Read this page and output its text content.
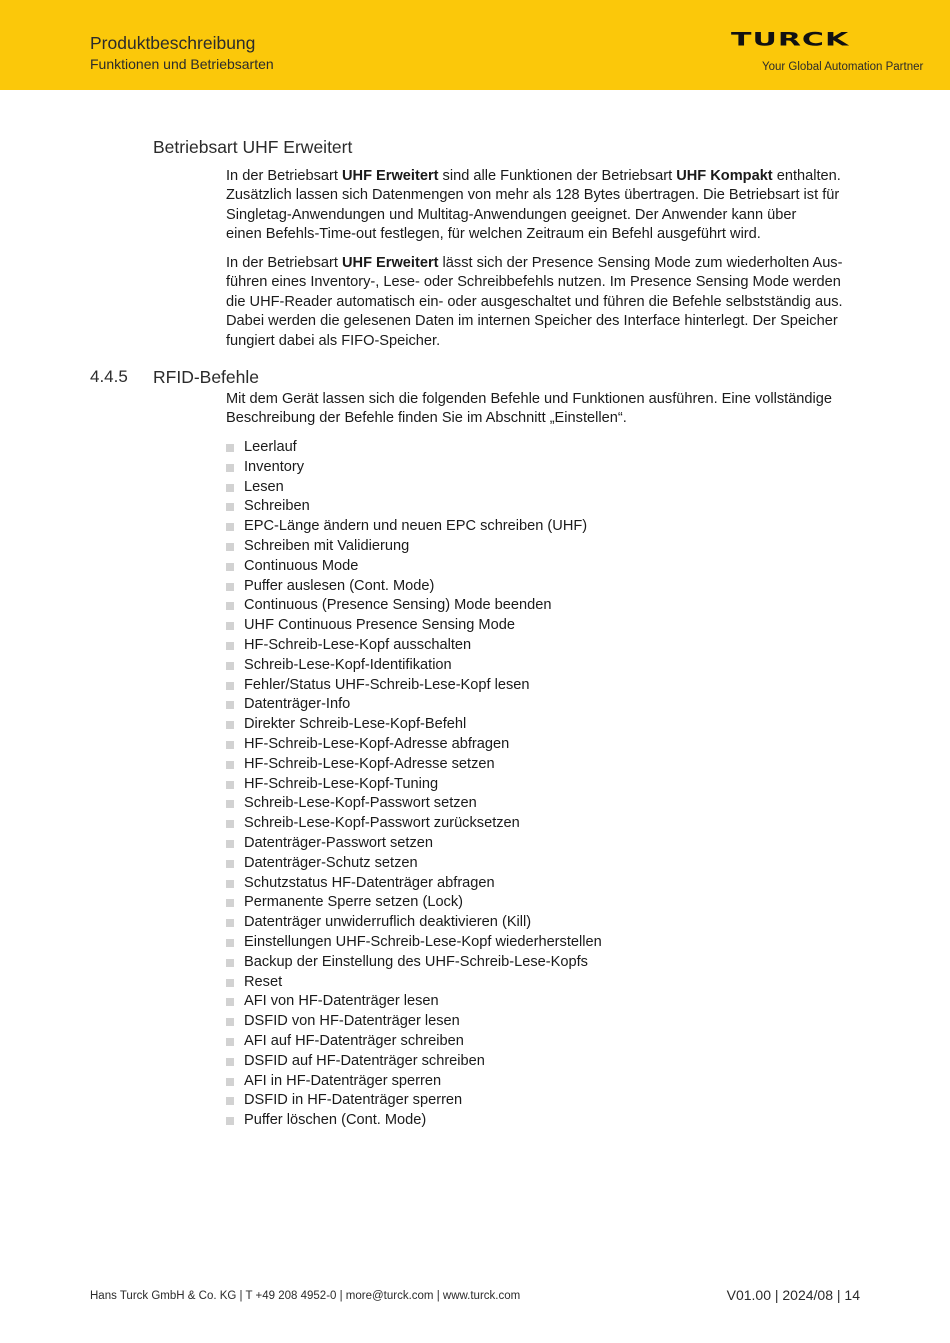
Produktbeschreibung
Funktionen und Betriebsarten
TURCK
Your Global Automation Partner
Betriebsart UHF Erweitert

In der Betriebsart UHF Erweitert sind alle Funktionen der Betriebsart UHF Kompakt enthalten.
Zusätzlich lassen sich Datenmengen von mehr als 128 Bytes übertragen. Die Betriebsart ist für
Singletag-Anwendungen und Multitag-Anwendungen geeignet. Der Anwender kann über
einen Befehls-Time-out festlegen, für welchen Zeitraum ein Befehl ausgeführt wird.

In der Betriebsart UHF Erweitert lässt sich der Presence Sensing Mode zum wiederholten Aus-
führen eines Inventory-, Lese- oder Schreibbefehls nutzen. Im Presence Sensing Mode werden
die UHF-Reader automatisch ein- oder ausgeschaltet und führen die Befehle selbstständig aus.
Dabei werden die gelesenen Daten im internen Speicher des Interface hinterlegt. Der Speicher
fungiert dabei als FIFO-Speicher.

4.4.5 RFID-Befehle

Mit dem Gerät lassen sich die folgenden Befehle und Funktionen ausführen. Eine vollständige
Beschreibung der Befehle finden Sie im Abschnitt „Einstellen“.

Leerlauf
Inventory
Lesen
Schreiben
EPC-Länge ändern und neuen EPC schreiben (UHF)
Schreiben mit Validierung
Continuous Mode
Puffer auslesen (Cont. Mode)
Continuous (Presence Sensing) Mode beenden
UHF Continuous Presence Sensing Mode
HF-Schreib-Lese-Kopf ausschalten
Schreib-Lese-Kopf-Identifikation
Fehler/Status UHF-Schreib-Lese-Kopf lesen
Datenträger-Info
Direkter Schreib-Lese-Kopf-Befehl
HF-Schreib-Lese-Kopf-Adresse abfragen
HF-Schreib-Lese-Kopf-Adresse setzen
HF-Schreib-Lese-Kopf-Tuning
Schreib-Lese-Kopf-Passwort setzen
Schreib-Lese-Kopf-Passwort zurücksetzen
Datenträger-Passwort setzen
Datenträger-Schutz setzen
Schutzstatus HF-Datenträger abfragen
Permanente Sperre setzen (Lock)
Datenträger unwiderruflich deaktivieren (Kill)
Einstellungen UHF-Schreib-Lese-Kopf wiederherstellen
Backup der Einstellung des UHF-Schreib-Lese-Kopfs
Reset
AFI von HF-Datenträger lesen
DSFID von HF-Datenträger lesen
AFI auf HF-Datenträger schreiben
DSFID auf HF-Datenträger schreiben
AFI in HF-Datenträger sperren
DSFID in HF-Datenträger sperren
Puffer löschen (Cont. Mode)
Hans Turck GmbH & Co. KG | T +49 208 4952-0 | more@turck.com | www.turck.com	V01.00 | 2024/08 | 14
